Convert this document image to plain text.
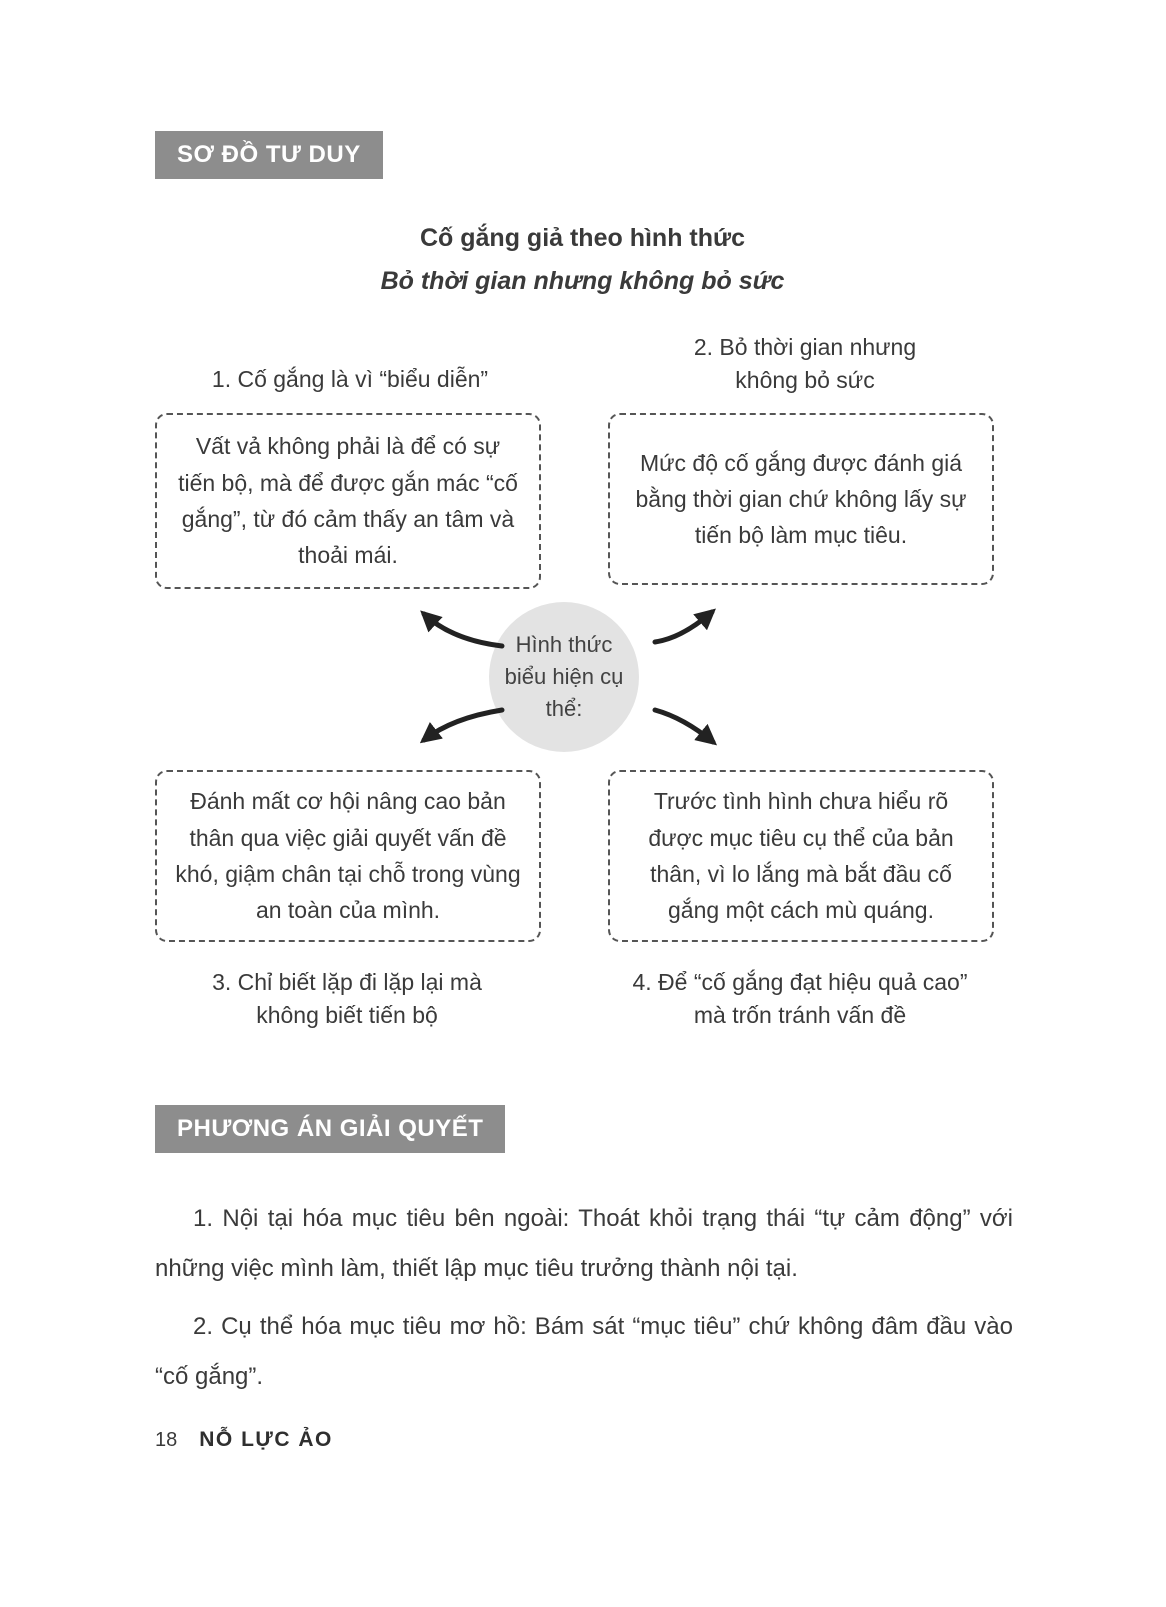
SƠ ĐỒ TƯ DUY
Cố gắng giả theo hình thức
Bỏ thời gian nhưng không bỏ sức
1. Cố gắng là vì “biểu diễn”
2. Bỏ thời gian nhưng không bỏ sức
Vất vả không phải là để có sự tiến bộ, mà để được gắn mác “cố gắng”, từ đó cảm thấy an tâm và thoải mái.
Mức độ cố gắng được đánh giá bằng thời gian chứ không lấy sự tiến bộ làm mục tiêu.
Hình thức biểu hiện cụ thể:
Đánh mất cơ hội nâng cao bản thân qua việc giải quyết vấn đề khó, giậm chân tại chỗ trong vùng an toàn của mình.
Trước tình hình chưa hiểu rõ được mục tiêu cụ thể của bản thân, vì lo lắng mà bắt đầu cố gắng một cách mù quáng.
3. Chỉ biết lặp đi lặp lại mà không biết tiến bộ
4. Để “cố gắng đạt hiệu quả cao” mà trốn tránh vấn đề
PHƯƠNG ÁN GIẢI QUYẾT

1. Nội tại hóa mục tiêu bên ngoài: Thoát khỏi trạng thái “tự cảm động” với những việc mình làm, thiết lập mục tiêu trưởng thành nội tại.

2. Cụ thể hóa mục tiêu mơ hồ: Bám sát “mục tiêu” chứ không đâm đầu vào “cố gắng”.

18 NỖ LỰC ẢO
